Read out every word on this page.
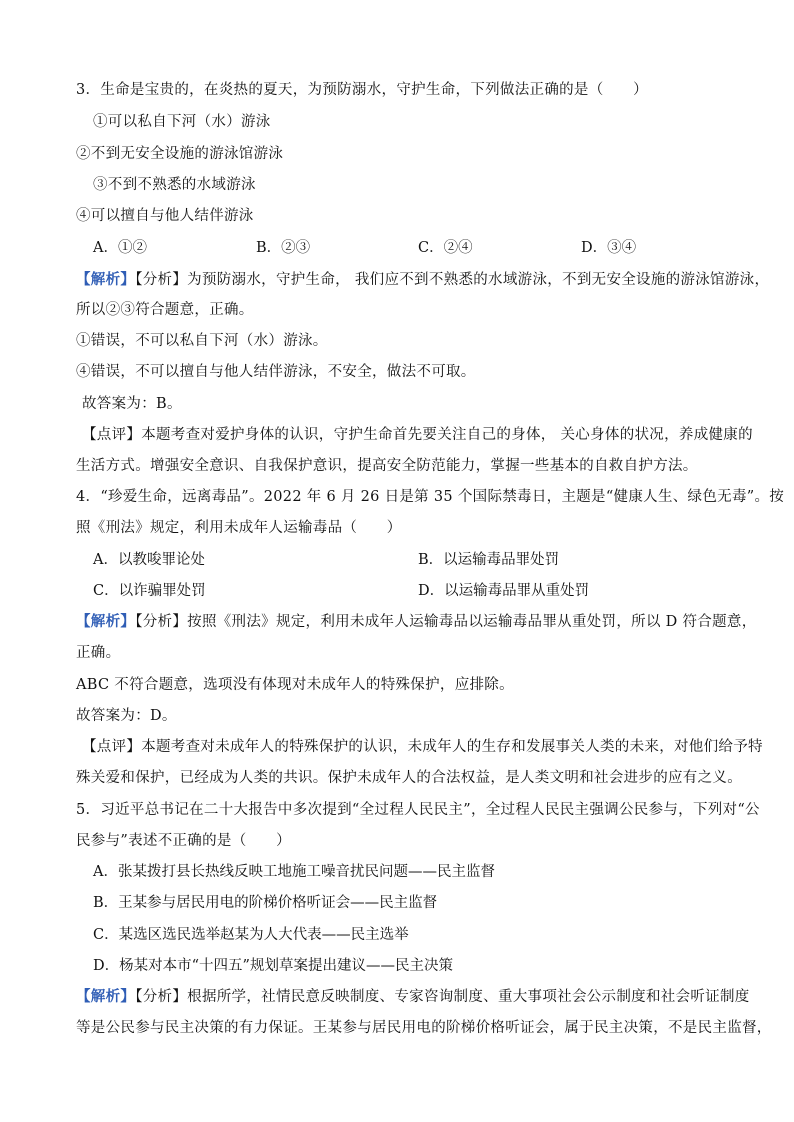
3．生命是宝贵的，在炎热的夏天，为预防溺水，守护生命，下列做法正确的是（　　）
①可以私自下河（水）游泳
②不到无安全设施的游泳馆游泳
③不到不熟悉的水域游泳
④可以擅自与他人结伴游泳
A．①②	B．②③	C．②④	D．③④
【解析】【分析】为预防溺水，守护生命， 我们应不到不熟悉的水域游泳，不到无安全设施的游泳馆游泳，
所以②③符合题意，正确。
①错误，不可以私自下河（水）游泳。
④错误，不可以擅自与他人结伴游泳，不安全，做法不可取。
故答案为：B。
【点评】本题考查对爱护身体的认识，守护生命首先要关注自己的身体， 关心身体的状况，养成健康的
生活方式。增强安全意识、自我保护意识，提高安全防范能力，掌握一些基本的自救自护方法。
4．“珍爱生命，远离毒品”。2022 年 6 月 26 日是第 35 个国际禁毒日，主题是“健康人生、绿色无毒”。按
照《刑法》规定，利用未成年人运输毒品（　　）
A．以教唆罪论处	B．以运输毒品罪处罚
C．以诈骗罪处罚	D．以运输毒品罪从重处罚
【解析】【分析】按照《刑法》规定，利用未成年人运输毒品以运输毒品罪从重处罚，所以 D 符合题意，
正确。
ABC 不符合题意，选项没有体现对未成年人的特殊保护，应排除。
故答案为：D。
【点评】本题考查对未成年人的特殊保护的认识，未成年人的生存和发展事关人类的未来，对他们给予特
殊关爱和保护，已经成为人类的共识。保护未成年人的合法权益，是人类文明和社会进步的应有之义。
5．习近平总书记在二十大报告中多次提到“全过程人民民主”，全过程人民民主强调公民参与，下列对“公
民参与”表述不正确的是（　　）
A．张某拨打县长热线反映工地施工噪音扰民问题——民主监督
B．王某参与居民用电的阶梯价格听证会——民主监督
C．某选区选民选举赵某为人大代表——民主选举
D．杨某对本市“十四五”规划草案提出建议——民主决策
【解析】【分析】根据所学，社情民意反映制度、专家咨询制度、重大事项社会公示制度和社会听证制度
等是公民参与民主决策的有力保证。王某参与居民用电的阶梯价格听证会，属于民主决策，不是民主监督，
